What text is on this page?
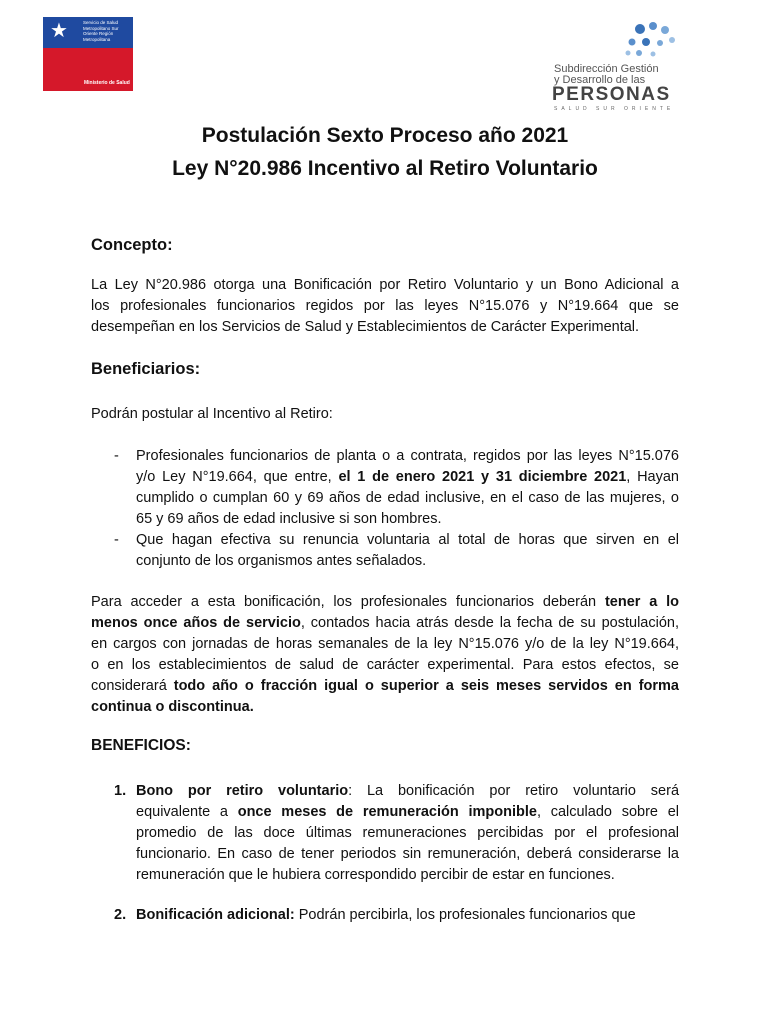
★	Servicio de Salud Metropolitano Sur Oriente Región Metropolitana
Ministerio de Salud
Subdirección Gestión
y Desarrollo de las
PERSONAS
SALUD SUR ORIENTE
Postulación Sexto Proceso año 2021
Ley N°20.986 Incentivo al Retiro Voluntario
Concepto:
La Ley N°20.986 otorga una Bonificación por Retiro Voluntario y un Bono Adicional a
los profesionales funcionarios regidos por las leyes N°15.076 y N°19.664 que se
desempeñan en los Servicios de Salud y Establecimientos de Carácter Experimental.
Beneficiarios:
Podrán postular al Incentivo al Retiro:
- Profesionales funcionarios de planta o a contrata, regidos por las leyes N°15.076
y/o Ley N°19.664, que entre, el 1 de enero 2021 y 31 diciembre 2021, Hayan
cumplido o cumplan 60 y 69 años de edad inclusive, en el caso de las mujeres, o
65 y 69 años de edad inclusive si son hombres.
- Que hagan efectiva su renuncia voluntaria al total de horas que sirven en el
conjunto de los organismos antes señalados.
Para acceder a esta bonificación, los profesionales funcionarios deberán tener a lo
menos once años de servicio, contados hacia atrás desde la fecha de su postulación,
en cargos con jornadas de horas semanales de la ley N°15.076 y/o de la ley N°19.664,
o en los establecimientos de salud de carácter experimental. Para estos efectos, se
considerará todo año o fracción igual o superior a seis meses servidos en forma
continua o discontinua.
BENEFICIOS:
1. Bono por retiro voluntario: La bonificación por retiro voluntario será
equivalente a once meses de remuneración imponible, calculado sobre el
promedio de las doce últimas remuneraciones percibidas por el profesional
funcionario. En caso de tener periodos sin remuneración, deberá considerarse la
remuneración que le hubiera correspondido percibir de estar en funciones.
2. Bonificación adicional: Podrán percibirla, los profesionales funcionarios que
